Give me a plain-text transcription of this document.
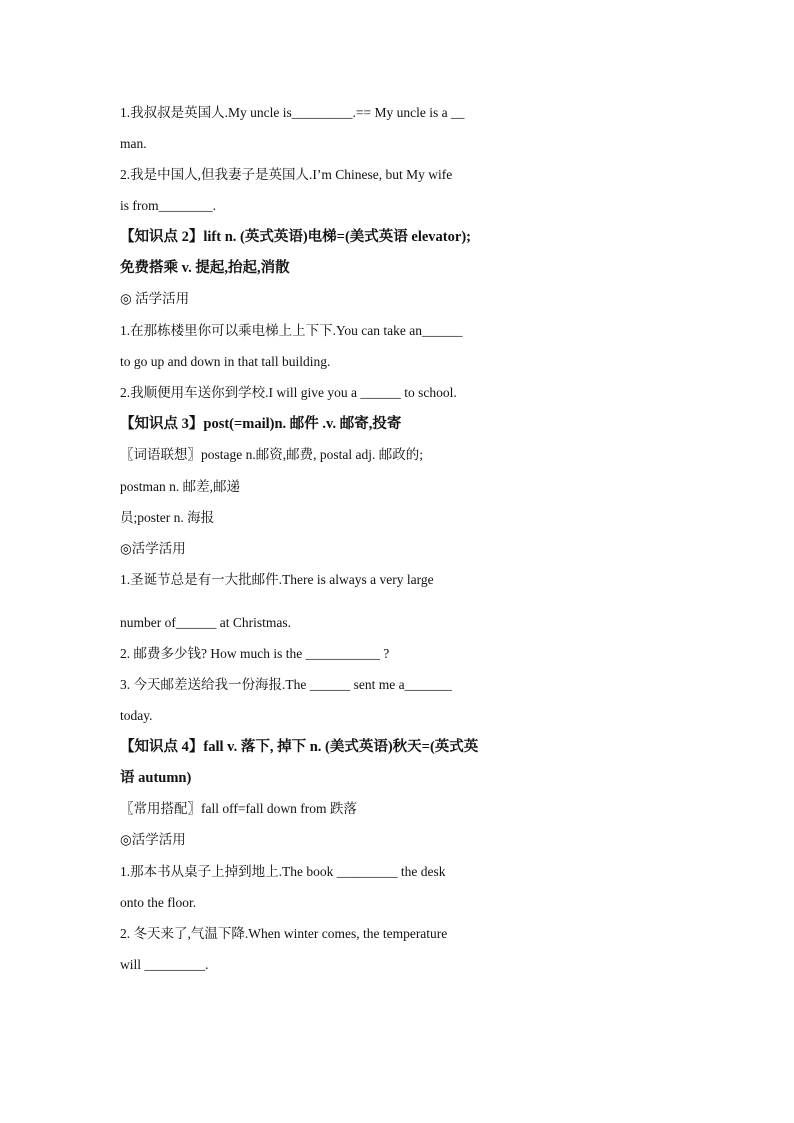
1.我叔叔是英国人.My uncle is_________.== My uncle is a __
man.
2.我是中国人,但我妻子是英国人.I’m Chinese, but My wife
is from________.
【知识点 2】lift n. (英式英语)电梯=(美式英语 elevator);
免费搭乘 v. 提起,抬起,消散
◎ 活学活用
1.在那栋楼里你可以乘电梯上上下下.You can take an______
to go up and down in that tall building.
2.我顺便用车送你到学校.I will give you a ______ to school.
【知识点 3】post(=mail)n. 邮件 .v. 邮寄,投寄
〖词语联想〗postage n.邮资,邮费, postal adj. 邮政的;
postman n. 邮差,邮递
员;poster n. 海报
◎活学活用
1.圣诞节总是有一大批邮件.There is always a very large
number of______ at Christmas.
2. 邮费多少钱? How much is the ___________ ?
3. 今天邮差送给我一份海报.The ______ sent me a_______
today.
【知识点 4】fall v. 落下, 掉下 n. (美式英语)秋天=(英式英
语 autumn)
〖常用搭配〗fall off=fall down from 跌落
◎活学活用
1.那本书从桌子上掉到地上.The book _________ the desk
onto the floor.
2. 冬天来了,气温下降.When winter comes, the temperature
will _________.
